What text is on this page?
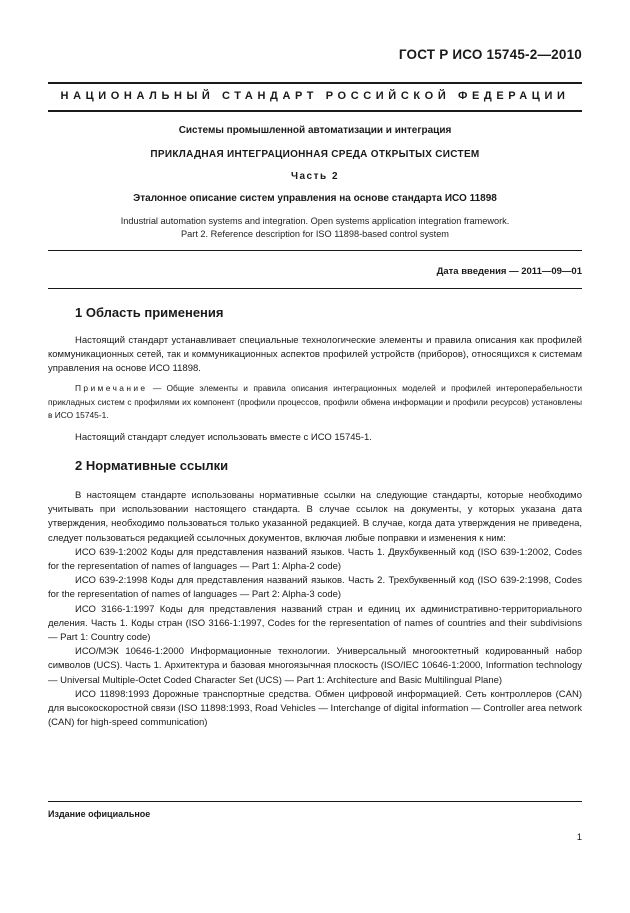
ГОСТ Р ИСО 15745-2—2010
НАЦИОНАЛЬНЫЙ СТАНДАРТ РОССИЙСКОЙ ФЕДЕРАЦИИ
Системы промышленной автоматизации и интеграция
ПРИКЛАДНАЯ ИНТЕГРАЦИОННАЯ СРЕДА ОТКРЫТЫХ СИСТЕМ
Часть 2
Эталонное описание систем управления на основе стандарта ИСО 11898
Industrial automation systems and integration. Open systems application integration framework.
Part 2. Reference description for ISO 11898-based control system
Дата введения — 2011—09—01
1 Область применения

Настоящий стандарт устанавливает специальные технологические элементы и правила описания как профилей коммуникационных сетей, так и коммуникационных аспектов профилей устройств (приборов), относящихся к системам управления на основе ИСО 11898.

Примечание — Общие элементы и правила описания интеграционных моделей и профилей интероперабельности прикладных систем с профилями их компонент (профили процессов, профили обмена информации и профили ресурсов) установлены в ИСО 15745-1.

Настоящий стандарт следует использовать вместе с ИСО 15745-1.

2 Нормативные ссылки

В настоящем стандарте использованы нормативные ссылки на следующие стандарты, которые необходимо учитывать при использовании настоящего стандарта. В случае ссылок на документы, у которых указана дата утверждения, необходимо пользоваться только указанной редакцией. В случае, когда дата утверждения не приведена, следует пользоваться редакцией ссылочных документов, включая любые поправки и изменения к ним:

ИСО 639-1:2002 Коды для представления названий языков. Часть 1. Двухбуквенный код (ISO 639-1:2002, Codes for the representation of names of languages — Part 1: Alpha-2 code)

ИСО 639-2:1998 Коды для представления названий языков. Часть 2. Трехбуквенный код (ISO 639-2:1998, Codes for the representation of names of languages — Part 2: Alpha-3 code)

ИСО 3166-1:1997 Коды для представления названий стран и единиц их административно-территориального деления. Часть 1. Коды стран (ISO 3166-1:1997, Codes for the representation of names of countries and their subdivisions — Part 1: Country code)

ИСО/МЭК 10646-1:2000 Информационные технологии. Универсальный многооктетный кодированный набор символов (UCS). Часть 1. Архитектура и базовая многоязычная плоскость (ISO/IEC 10646-1:2000, Information technology — Universal Multiple-Octet Coded Character Set (UCS) — Part 1: Architecture and Basic Multilingual Plane)

ИСО 11898:1993 Дорожные транспортные средства. Обмен цифровой информацией. Сеть контроллеров (CAN) для высокоскоростной связи (ISO 11898:1993, Road Vehicles — Interchange of digital information — Controller area network (CAN) for high-speed communication)

Издание официальное
1
